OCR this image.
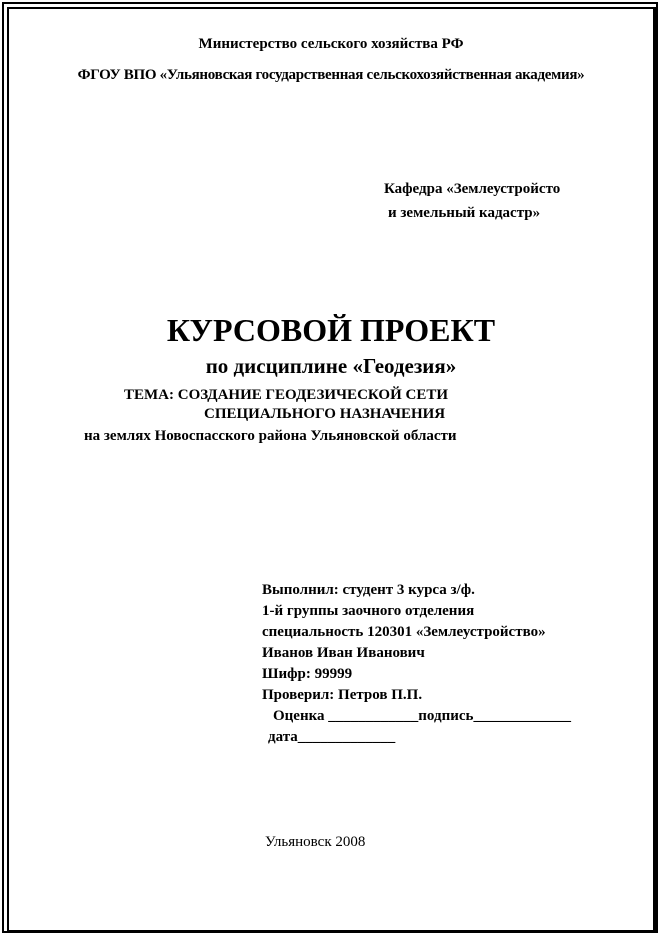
Министерство сельского хозяйства РФ
ФГОУ ВПО «Ульяновская государственная сельскохозяйственная академия»
Кафедра «Землеустройсто
и земельный кадастр»
КУРСОВОЙ ПРОЕКТ
по дисциплине «Геодезия»
ТЕМА: СОЗДАНИЕ ГЕОДЕЗИЧЕСКОЙ СЕТИ
СПЕЦИАЛЬНОГО НАЗНАЧЕНИЯ
на землях Новоспасского района Ульяновской области
Выполнил: студент 3 курса з/ф.
1-й группы заочного отделения
специальность 120301 «Землеустройство»
Иванов Иван Иванович
Шифр: 99999
Проверил: Петров П.П.
Оценка ____________подпись_____________
дата_____________
Ульяновск 2008
